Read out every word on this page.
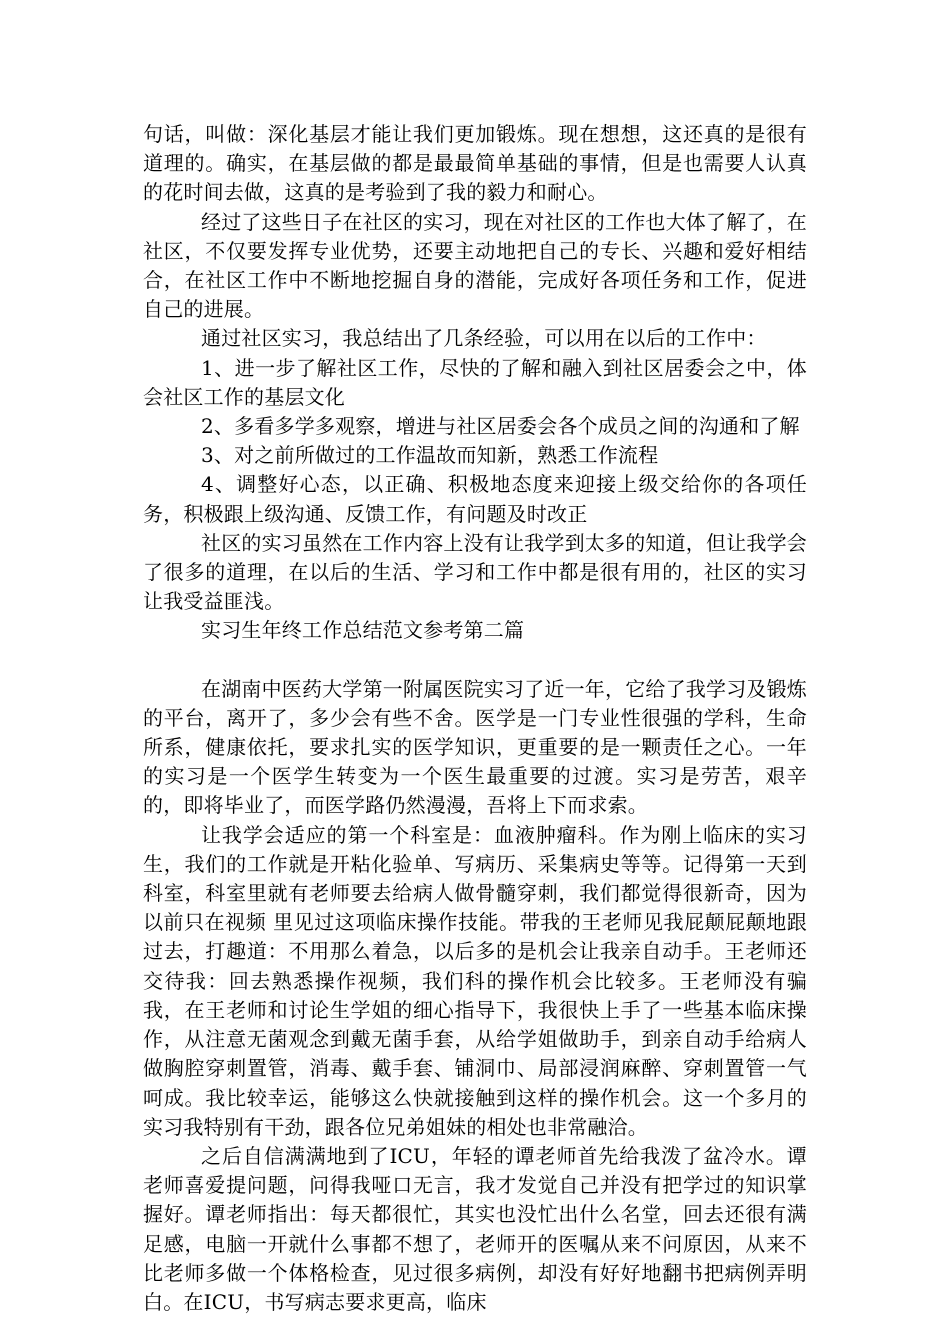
句话，叫做：深化基层才能让我们更加锻炼。现在想想，这还真的是很有道理的。确实，在基层做的都是最最简单基础的事情，但是也需要人认真的花时间去做，这真的是考验到了我的毅力和耐心。

经过了这些日子在社区的实习，现在对社区的工作也大体了解了，在社区，不仅要发挥专业优势，还要主动地把自己的专长、兴趣和爱好相结合，在社区工作中不断地挖掘自身的潜能，完成好各项任务和工作，促进自己的进展。

通过社区实习，我总结出了几条经验，可以用在以后的工作中：

1、进一步了解社区工作，尽快的了解和融入到社区居委会之中，体会社区工作的基层文化

2、多看多学多观察，增进与社区居委会各个成员之间的沟通和了解

3、对之前所做过的工作温故而知新，熟悉工作流程

4、调整好心态，以正确、积极地态度来迎接上级交给你的各项任务，积极跟上级沟通、反馈工作，有问题及时改正

社区的实习虽然在工作内容上没有让我学到太多的知道，但让我学会了很多的道理，在以后的生活、学习和工作中都是很有用的，社区的实习让我受益匪浅。

实习生年终工作总结范文参考第二篇

在湖南中医药大学第一附属医院实习了近一年，它给了我学习及锻炼的平台，离开了，多少会有些不舍。医学是一门专业性很强的学科，生命所系，健康依托，要求扎实的医学知识，更重要的是一颗责任之心。一年的实习是一个医学生转变为一个医生最重要的过渡。实习是劳苦，艰辛的，即将毕业了，而医学路仍然漫漫，吾将上下而求索。

让我学会适应的第一个科室是：血液肿瘤科。作为刚上临床的实习生，我们的工作就是开粘化验单、写病历、采集病史等等。记得第一天到科室，科室里就有老师要去给病人做骨髓穿刺，我们都觉得很新奇，因为以前只在视频 里见过这项临床操作技能。带我的王老师见我屁颠屁颠地跟过去，打趣道：不用那么着急，以后多的是机会让我亲自动手。王老师还交待我：回去熟悉操作视频，我们科的操作机会比较多。王老师没有骗我，在王老师和讨论生学姐的细心指导下，我很快上手了一些基本临床操作，从注意无菌观念到戴无菌手套，从给学姐做助手，到亲自动手给病人做胸腔穿刺置管，消毒、戴手套、铺洞巾、局部浸润麻醉、穿刺置管一气呵成。我比较幸运，能够这么快就接触到这样的操作机会。这一个多月的实习我特别有干劲，跟各位兄弟姐妹的相处也非常融洽。

之后自信满满地到了ICU，年轻的谭老师首先给我泼了盆冷水。谭老师喜爱提问题，问得我哑口无言，我才发觉自己并没有把学过的知识掌握好。谭老师指出：每天都很忙，其实也没忙出什么名堂，回去还很有满足感，电脑一开就什么事都不想了，老师开的医嘱从来不问原因，从来不比老师多做一个体格检查，见过很多病例，却没有好好地翻书把病例弄明白。在ICU，书写病志要求更高，临床
